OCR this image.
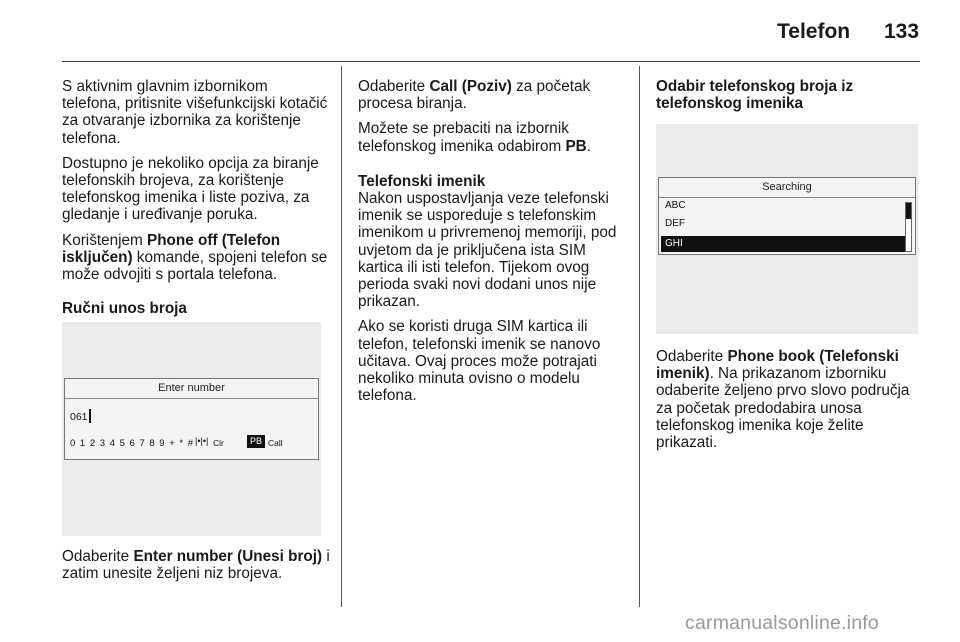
Telefon 133

S aktivnim glavnim izbornikom telefona, pritisnite višefunkcijski kotačić za otvaranje izbornika za korištenje telefona.

Dostupno je nekoliko opcija za biranje telefonskih brojeva, za korištenje telefonskog imenika i liste poziva, za gledanje i uređivanje poruka.

Korištenjem Phone off (Telefon isključen) komande, spojeni telefon se može odvojiti s portala telefona.

Ručni unos broja
Enter number
061
0 1 2 3 4 5 6 7 8 9 + * # |•|•| Clr	PB Call

Odaberite Enter number (Unesi broj) i zatim unesite željeni niz brojeva.

Odaberite Call (Poziv) za početak procesa biranja.

Možete se prebaciti na izbornik telefonskog imenika odabirom PB.

Telefonski imenik

Nakon uspostavljanja veze telefonski imenik se usporeduje s telefonskim imenikom u privremenoj memoriji, pod uvjetom da je priključena ista SIM kartica ili isti telefon. Tijekom ovog perioda svaki novi dodani unos nije prikazan.

Ako se koristi druga SIM kartica ili telefon, telefonski imenik se nanovo učitava. Ovaj proces može potrajati nekoliko minuta ovisno o modelu telefona.

Odabir telefonskog broja iz telefonskog imenika
Searching
ABC
DEF
GHI

Odaberite Phone book (Telefonski imenik). Na prikazanom izborniku odaberite željeno prvo slovo područja za početak predodabira unosa telefonskog imenika koje želite prikazati.

carmanualsonline.info
